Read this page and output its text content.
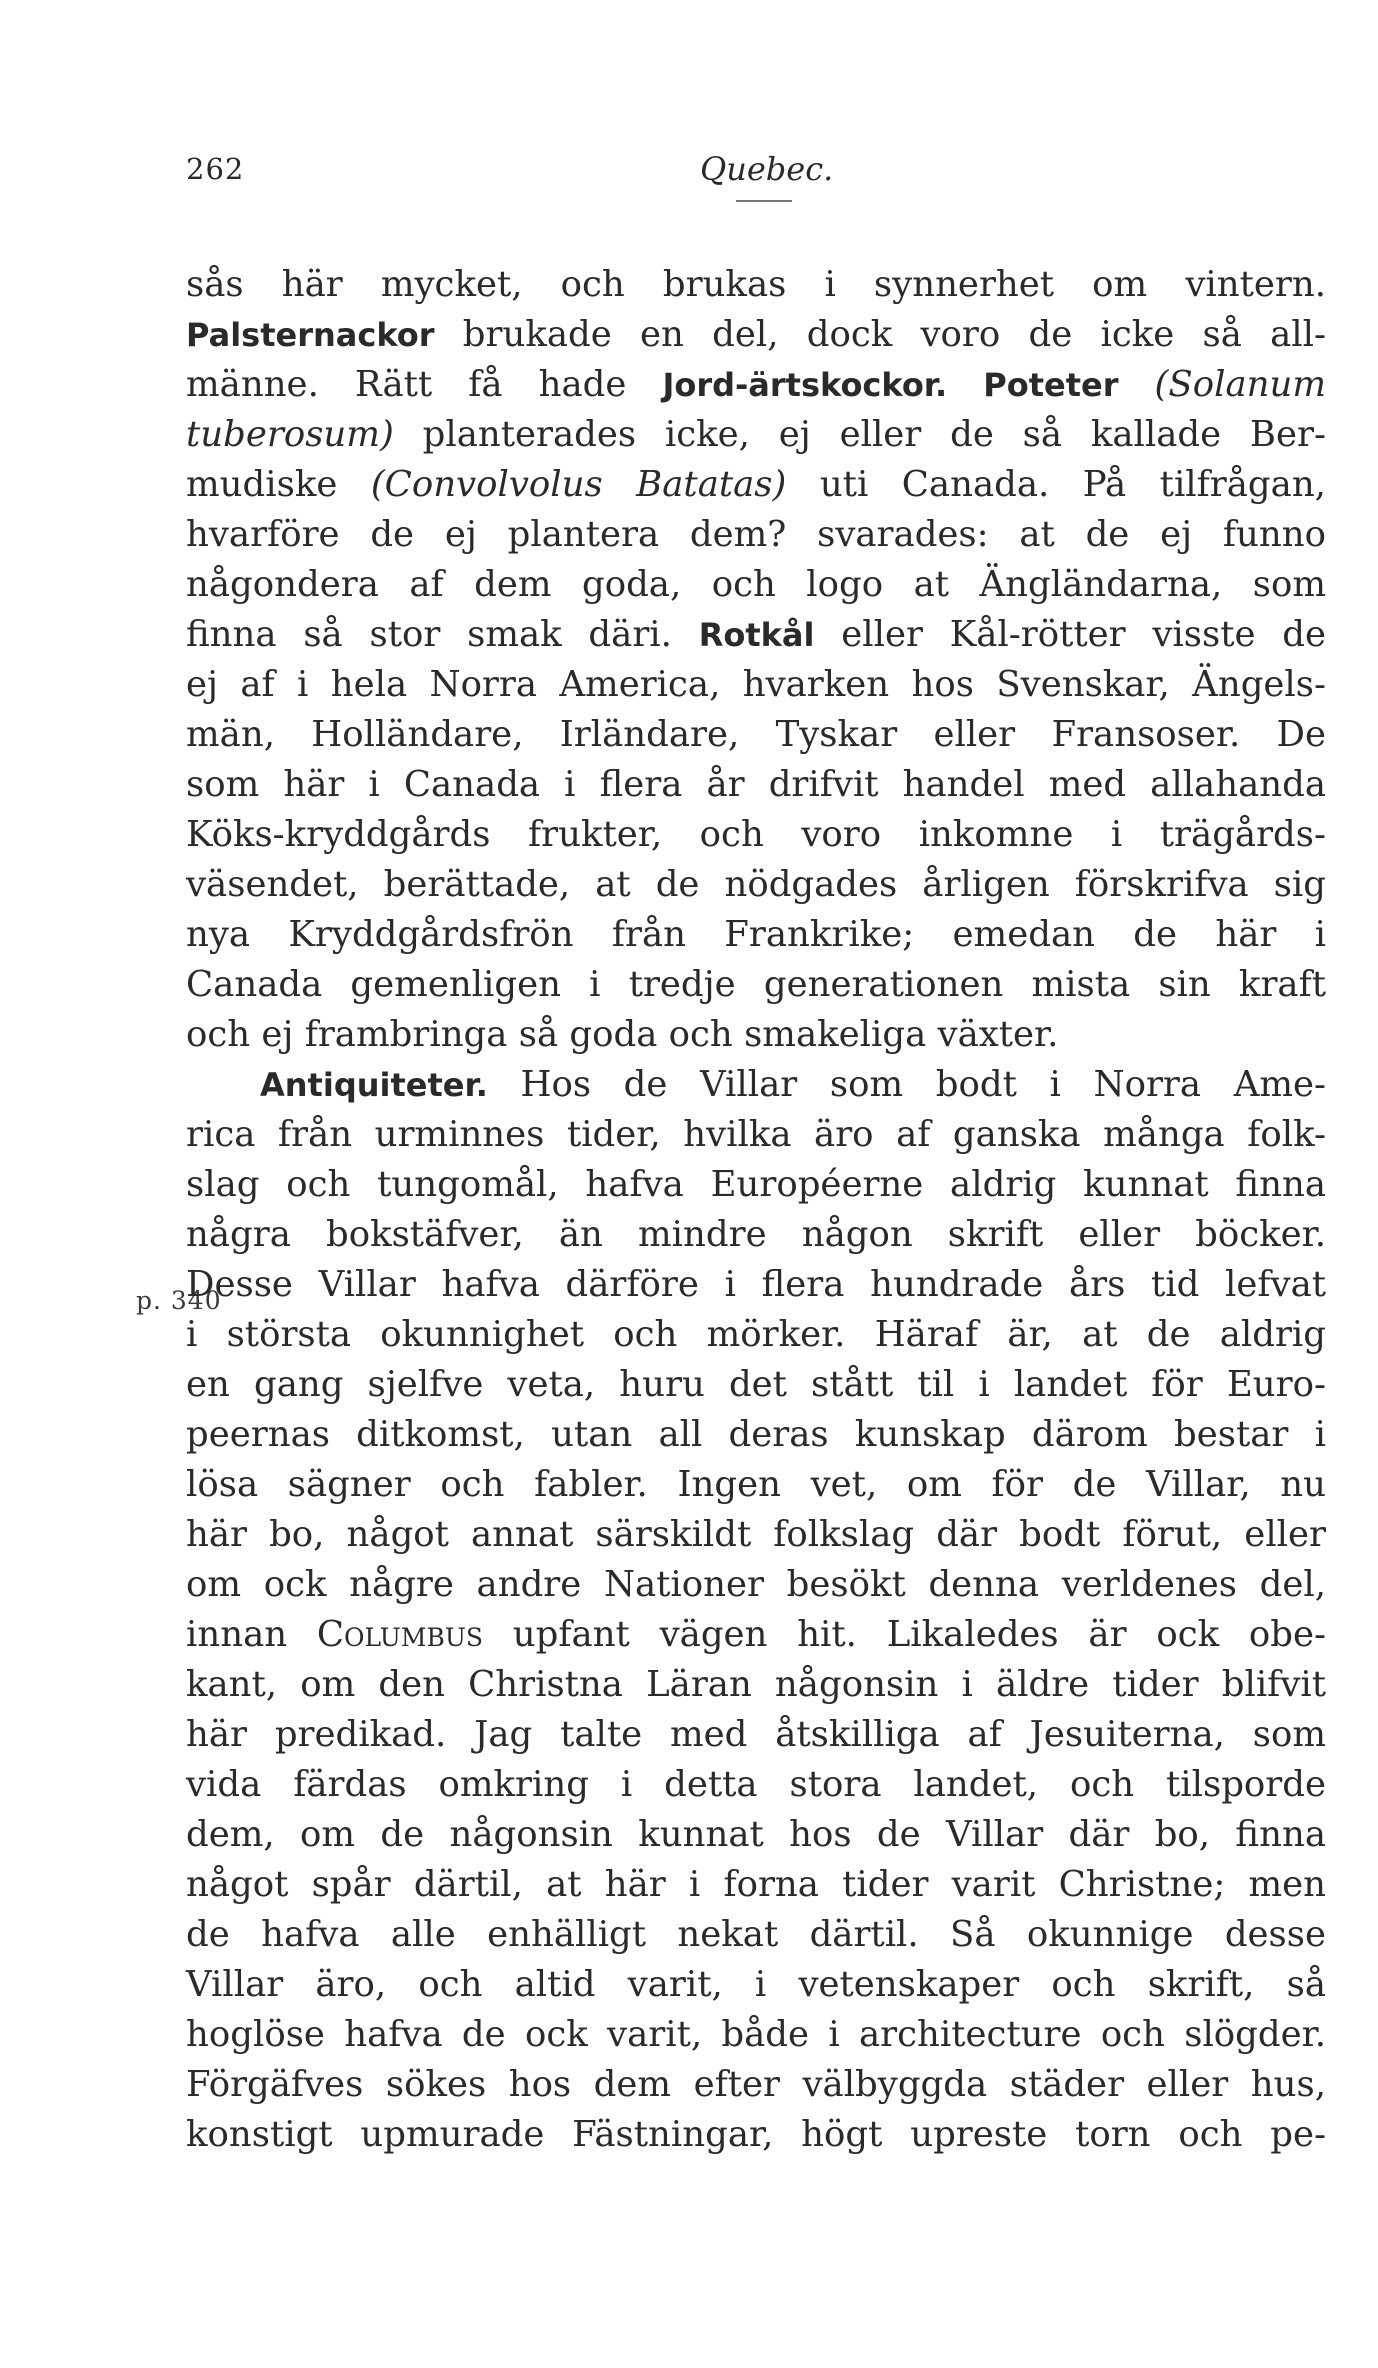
262	Quebec.
p. 340
sås här mycket, och brukas i synnerhet om vintern.
Palsternackor brukade en del, dock voro de icke så all-
männe. Rätt få hade Jord-ärtskockor. Poteter (Solanum
tuberosum) planterades icke, ej eller de så kallade Ber-
mudiske (Convolvolus Batatas) uti Canada. På tilfrågan,
hvarföre de ej plantera dem? svarades: at de ej funno
någondera af dem goda, och logo at Ängländarna, som
finna så stor smak däri. Rotkål eller Kål-rötter visste de
ej af i hela Norra America, hvarken hos Svenskar, Ängels-
män, Holländare, Irländare, Tyskar eller Fransoser. De
som här i Canada i flera år drifvit handel med allahanda
Köks-kryddgårds frukter, och voro inkomne i trägårds-
väsendet, berättade, at de nödgades årligen förskrifva sig
nya Kryddgårdsfrön från Frankrike; emedan de här i
Canada gemenligen i tredje generationen mista sin kraft
och ej frambringa så goda och smakeliga växter.
Antiquiteter. Hos de Villar som bodt i Norra Ame-
rica från urminnes tider, hvilka äro af ganska många folk-
slag och tungomål, hafva Européerne aldrig kunnat finna
några bokstäfver, än mindre någon skrift eller böcker.
Desse Villar hafva därföre i flera hundrade års tid lefvat
i största okunnighet och mörker. Häraf är, at de aldrig
en gang sjelfve veta, huru det stått til i landet för Euro-
peernas ditkomst, utan all deras kunskap därom bestar i
lösa sägner och fabler. Ingen vet, om för de Villar, nu
här bo, något annat särskildt folkslag där bodt förut, eller
om ock någre andre Nationer besökt denna verldenes del,
innan Columbus upfant vägen hit. Likaledes är ock obe-
kant, om den Christna Läran någonsin i äldre tider blifvit
här predikad. Jag talte med åtskilliga af Jesuiterna, som
vida färdas omkring i detta stora landet, och tilsporde
dem, om de någonsin kunnat hos de Villar där bo, finna
något spår därtil, at här i forna tider varit Christne; men
de hafva alle enhälligt nekat därtil. Så okunnige desse
Villar äro, och altid varit, i vetenskaper och skrift, så
hoglöse hafva de ock varit, både i architecture och slögder.
Förgäfves sökes hos dem efter välbyggda städer eller hus,
konstigt upmurade Fästningar, högt upreste torn och pe-
